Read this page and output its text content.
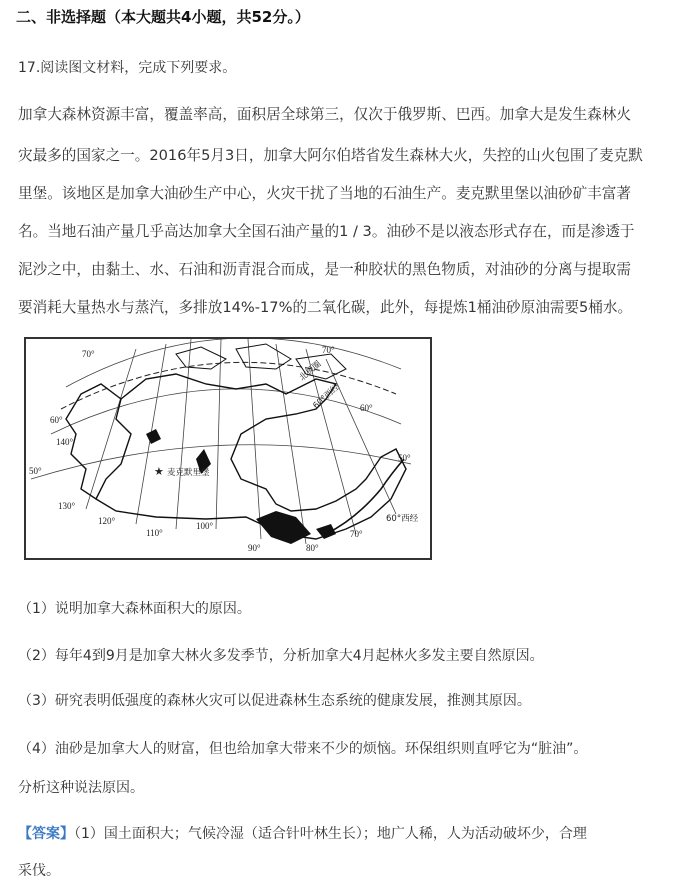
二、非选择题（本大题共4小题，共52分。）
17.阅读图文材料，完成下列要求。
加拿大森林资源丰富，覆盖率高，面积居全球第三，仅次于俄罗斯、巴西。加拿大是发生森林火
灾最多的国家之一。2016年5月3日，加拿大阿尔伯塔省发生森林大火，失控的山火包围了麦克默
里堡。该地区是加拿大油砂生产中心，火灾干扰了当地的石油生产。麦克默里堡以油砂矿丰富著
名。当地石油产量几乎高达加拿大全国石油产量的1 / 3。油砂不是以液态形式存在，而是渗透于
泥沙之中，由黏土、水、石油和沥青混合而成，是一种胶状的黑色物质，对油砂的分离与提取需
要消耗大量热水与蒸汽，多排放14%-17%的二氧化碳，此外，每提炼1桶油砂原油需要5桶水。
★ 麦克默里堡
北极圈
60°西经
60°西经
70°
60°
50°
70°
60°
50°
140°
130°
120°
110°
100°
90°	80°
70°
（1）说明加拿大森林面积大的原因。
（2）每年4到9月是加拿大林火多发季节，分析加拿大4月起林火多发主要自然原因。
（3）研究表明低强度的森林火灾可以促进森林生态系统的健康发展，推测其原因。
（4）油砂是加拿大人的财富，但也给加拿大带来不少的烦恼。环保组织则直呼它为“脏油”。
分析这种说法原因。
【答案】（1）国土面积大；气候冷湿（适合针叶林生长）；地广人稀，人为活动破坏少，合理
采伐。
